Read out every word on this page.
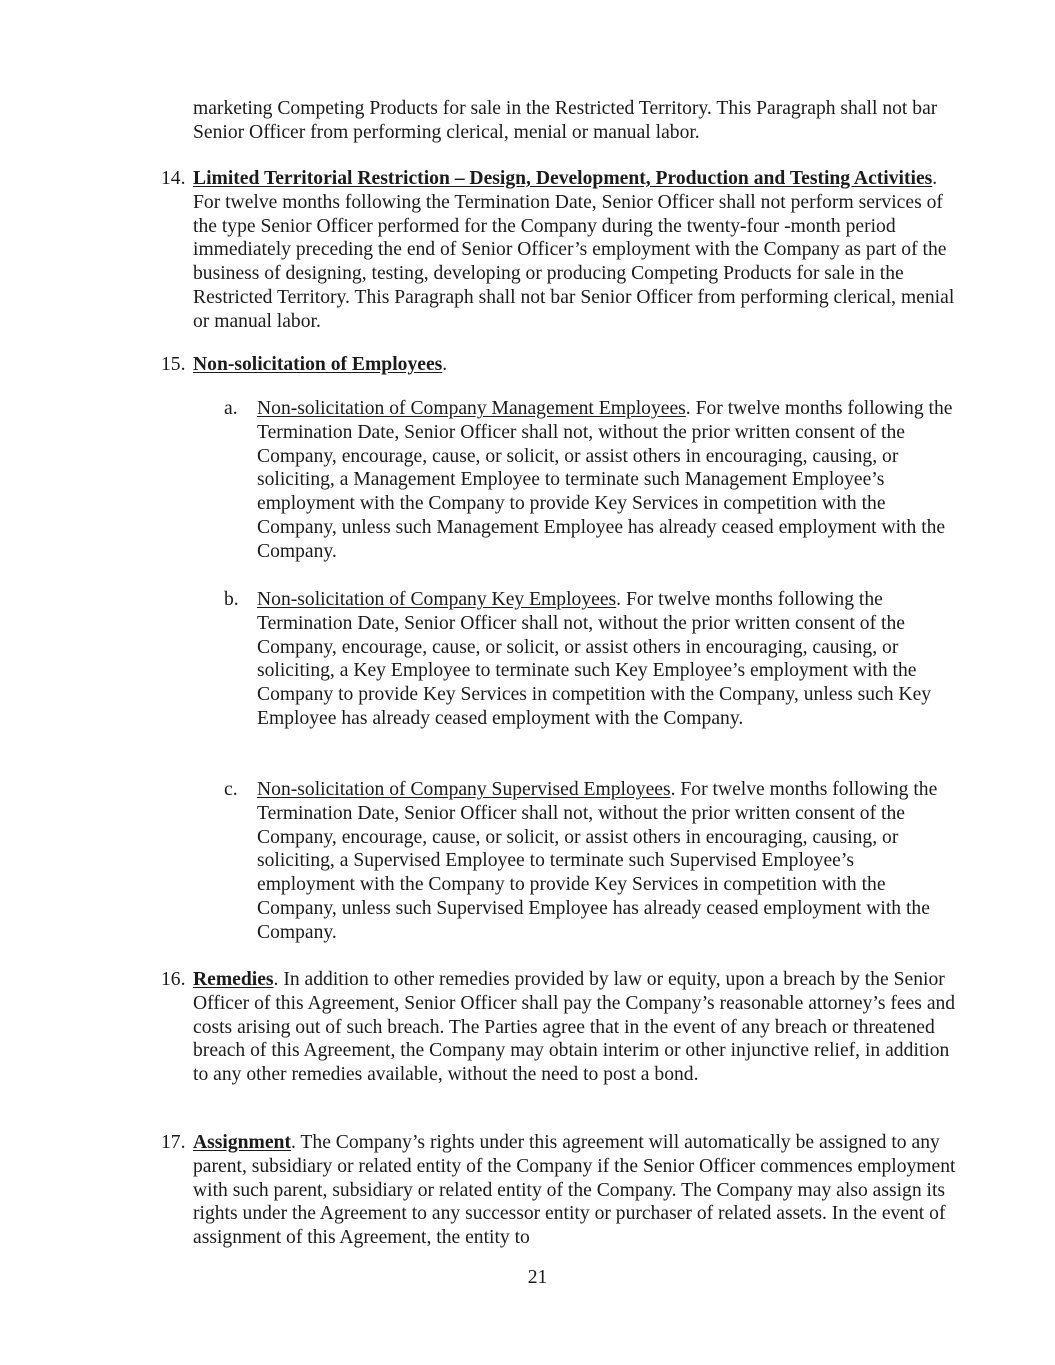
marketing Competing Products for sale in the Restricted Territory. This Paragraph shall not bar Senior Officer from performing clerical, menial or manual labor.

14. Limited Territorial Restriction – Design, Development, Production and Testing Activities. For twelve months following the Termination Date, Senior Officer shall not perform services of the type Senior Officer performed for the Company during the twenty-four -month period immediately preceding the end of Senior Officer’s employment with the Company as part of the business of designing, testing, developing or producing Competing Products for sale in the Restricted Territory. This Paragraph shall not bar Senior Officer from performing clerical, menial or manual labor.

15. Non-solicitation of Employees.

a. Non-solicitation of Company Management Employees. For twelve months following the Termination Date, Senior Officer shall not, without the prior written consent of the Company, encourage, cause, or solicit, or assist others in encouraging, causing, or soliciting, a Management Employee to terminate such Management Employee’s employment with the Company to provide Key Services in competition with the Company, unless such Management Employee has already ceased employment with the Company.

b. Non-solicitation of Company Key Employees. For twelve months following the Termination Date, Senior Officer shall not, without the prior written consent of the Company, encourage, cause, or solicit, or assist others in encouraging, causing, or soliciting, a Key Employee to terminate such Key Employee’s employment with the Company to provide Key Services in competition with the Company, unless such Key Employee has already ceased employment with the Company.

c. Non-solicitation of Company Supervised Employees. For twelve months following the Termination Date, Senior Officer shall not, without the prior written consent of the Company, encourage, cause, or solicit, or assist others in encouraging, causing, or soliciting, a Supervised Employee to terminate such Supervised Employee’s employment with the Company to provide Key Services in competition with the Company, unless such Supervised Employee has already ceased employment with the Company.

16. Remedies. In addition to other remedies provided by law or equity, upon a breach by the Senior Officer of this Agreement, Senior Officer shall pay the Company’s reasonable attorney’s fees and costs arising out of such breach. The Parties agree that in the event of any breach or threatened breach of this Agreement, the Company may obtain interim or other injunctive relief, in addition to any other remedies available, without the need to post a bond.

17. Assignment. The Company’s rights under this agreement will automatically be assigned to any parent, subsidiary or related entity of the Company if the Senior Officer commences employment with such parent, subsidiary or related entity of the Company. The Company may also assign its rights under the Agreement to any successor entity or purchaser of related assets. In the event of assignment of this Agreement, the entity to

21
